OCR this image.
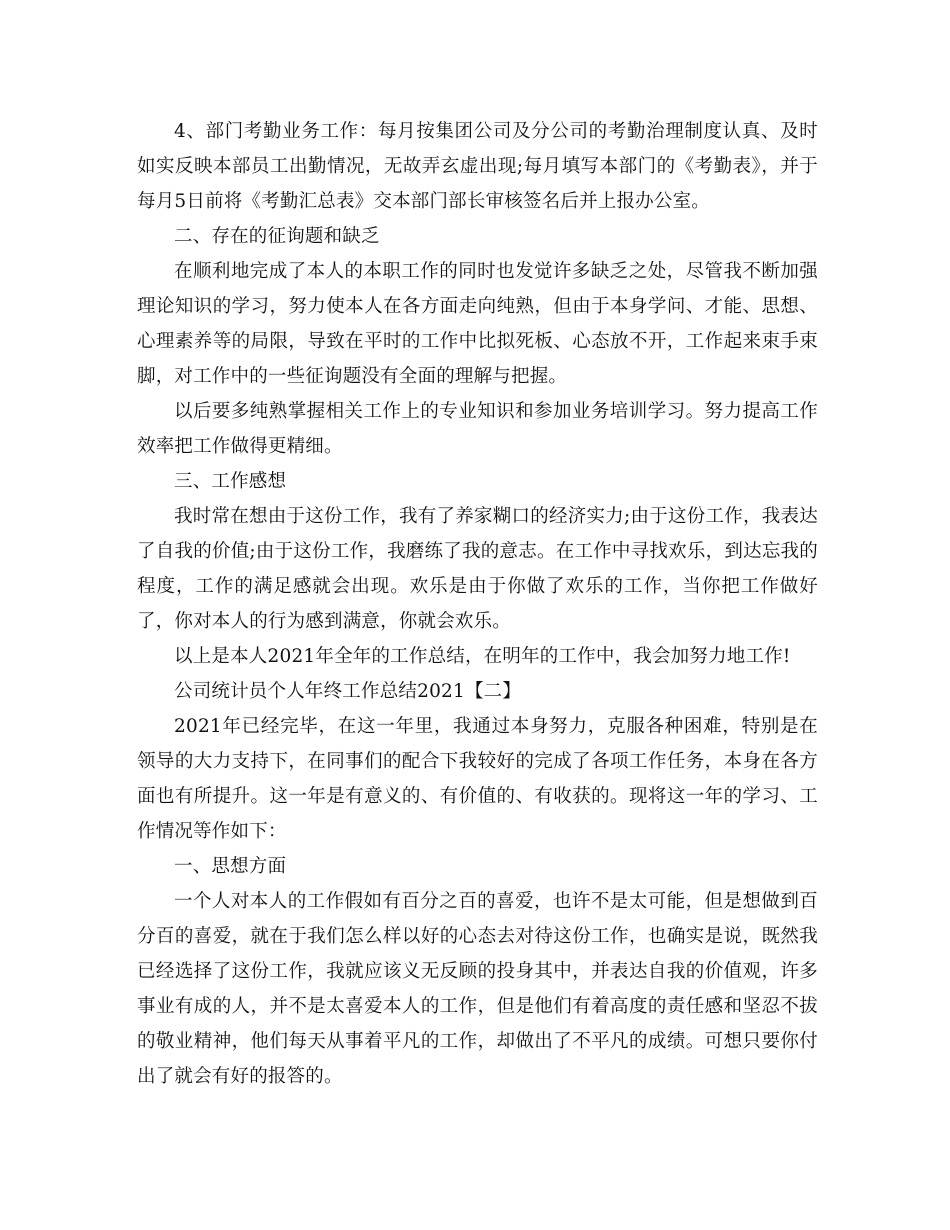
4、部门考勤业务工作：每月按集团公司及分公司的考勤治理制度认真、及时如实反映本部员工出勤情况，无故弄玄虚出现;每月填写本部门的《考勤表》，并于每月5日前将《考勤汇总表》交本部门部长审核签名后并上报办公室。

二、存在的征询题和缺乏

在顺利地完成了本人的本职工作的同时也发觉许多缺乏之处，尽管我不断加强理论知识的学习，努力使本人在各方面走向纯熟，但由于本身学问、才能、思想、心理素养等的局限，导致在平时的工作中比拟死板、心态放不开，工作起来束手束脚，对工作中的一些征询题没有全面的理解与把握。

以后要多纯熟掌握相关工作上的专业知识和参加业务培训学习。努力提高工作效率把工作做得更精细。

三、工作感想

我时常在想由于这份工作，我有了养家糊口的经济实力;由于这份工作，我表达了自我的价值;由于这份工作，我磨练了我的意志。在工作中寻找欢乐，到达忘我的程度，工作的满足感就会出现。欢乐是由于你做了欢乐的工作，当你把工作做好了，你对本人的行为感到满意，你就会欢乐。

以上是本人2021年全年的工作总结，在明年的工作中，我会加努力地工作!

公司统计员个人年终工作总结2021【二】

2021年已经完毕，在这一年里，我通过本身努力，克服各种困难，特别是在领导的大力支持下，在同事们的配合下我较好的完成了各项工作任务，本身在各方面也有所提升。这一年是有意义的、有价值的、有收获的。现将这一年的学习、工作情况等作如下：

一、思想方面

一个人对本人的工作假如有百分之百的喜爱，也许不是太可能，但是想做到百分百的喜爱，就在于我们怎么样以好的心态去对待这份工作，也确实是说，既然我已经选择了这份工作，我就应该义无反顾的投身其中，并表达自我的价值观，许多事业有成的人，并不是太喜爱本人的工作，但是他们有着高度的责任感和坚忍不拔的敬业精神，他们每天从事着平凡的工作，却做出了不平凡的成绩。可想只要你付出了就会有好的报答的。
